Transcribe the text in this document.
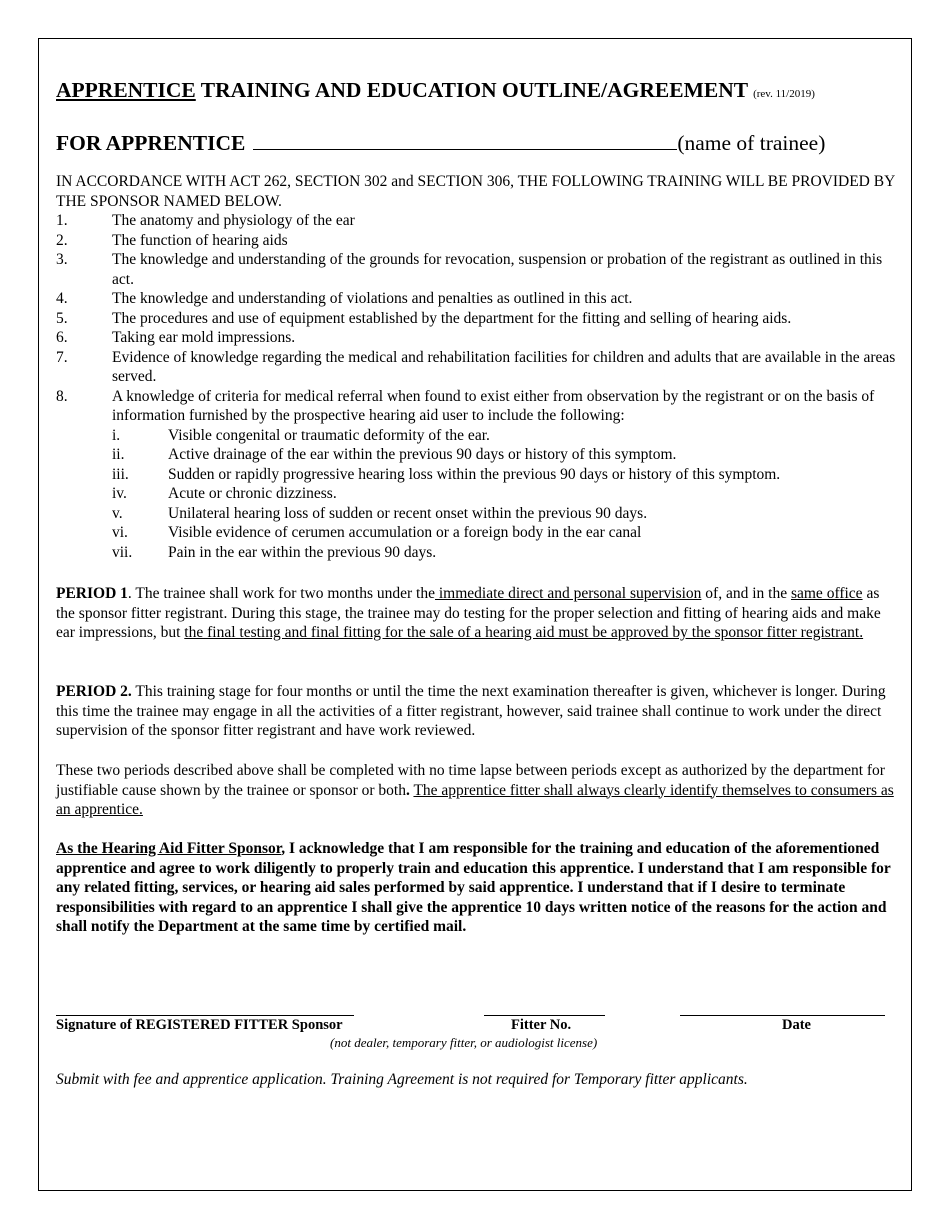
APPRENTICE TRAINING AND EDUCATION OUTLINE/AGREEMENT (rev. 11/2019)
FOR APPRENTICE	(name of trainee)
IN ACCORDANCE WITH ACT 262, SECTION 302 and SECTION 306, THE FOLLOWING TRAINING WILL BE PROVIDED BY THE SPONSOR NAMED BELOW.
1.	The anatomy and physiology of the ear
2.	The function of hearing aids
3.	The knowledge and understanding of the grounds for revocation, suspension or probation of the registrant as outlined in this act.
4.	The knowledge and understanding of violations and penalties as outlined in this act.
5.	The procedures and use of equipment established by the department for the fitting and selling of hearing aids.
6.	Taking ear mold impressions.
7.	Evidence of knowledge regarding the medical and rehabilitation facilities for children and adults that are available in the areas served.
8.	A knowledge of criteria for medical referral when found to exist either from observation by the registrant or on the basis of information furnished by the prospective hearing aid user to include the following:
i.	Visible congenital or traumatic deformity of the ear.
ii.	Active drainage of the ear within the previous 90 days or history of this symptom.
iii.	Sudden or rapidly progressive hearing loss within the previous 90 days or history of this symptom.
iv.	Acute or chronic dizziness.
v.	Unilateral hearing loss of sudden or recent onset within the previous 90 days.
vi.	Visible evidence of cerumen accumulation or a foreign body in the ear canal
vii. Pain in the ear within the previous 90 days.
PERIOD 1. The trainee shall work for two months under the immediate direct and personal supervision of, and in the same office as the sponsor fitter registrant. During this stage, the trainee may do testing for the proper selection and fitting of hearing aids and make ear impressions, but the final testing and final fitting for the sale of a hearing aid must be approved by the sponsor fitter registrant.
PERIOD 2. This training stage for four months or until the time the next examination thereafter is given, whichever is longer. During this time the trainee may engage in all the activities of a fitter registrant, however, said trainee shall continue to work under the direct supervision of the sponsor fitter registrant and have work reviewed.
These two periods described above shall be completed with no time lapse between periods except as authorized by the department for justifiable cause shown by the trainee or sponsor or both. The apprentice fitter shall always clearly identify themselves to consumers as an apprentice.
As the Hearing Aid Fitter Sponsor, I acknowledge that I am responsible for the training and education of the aforementioned apprentice and agree to work diligently to properly train and education this apprentice. I understand that I am responsible for any related fitting, services, or hearing aid sales performed by said apprentice. I understand that if I desire to terminate responsibilities with regard to an apprentice I shall give the apprentice 10 days written notice of the reasons for the action and shall notify the Department at the same time by certified mail.
Signature of REGISTERED FITTER Sponsor	Fitter No.	Date
(not dealer, temporary fitter, or audiologist license)
Submit with fee and apprentice application. Training Agreement is not required for Temporary fitter applicants.
